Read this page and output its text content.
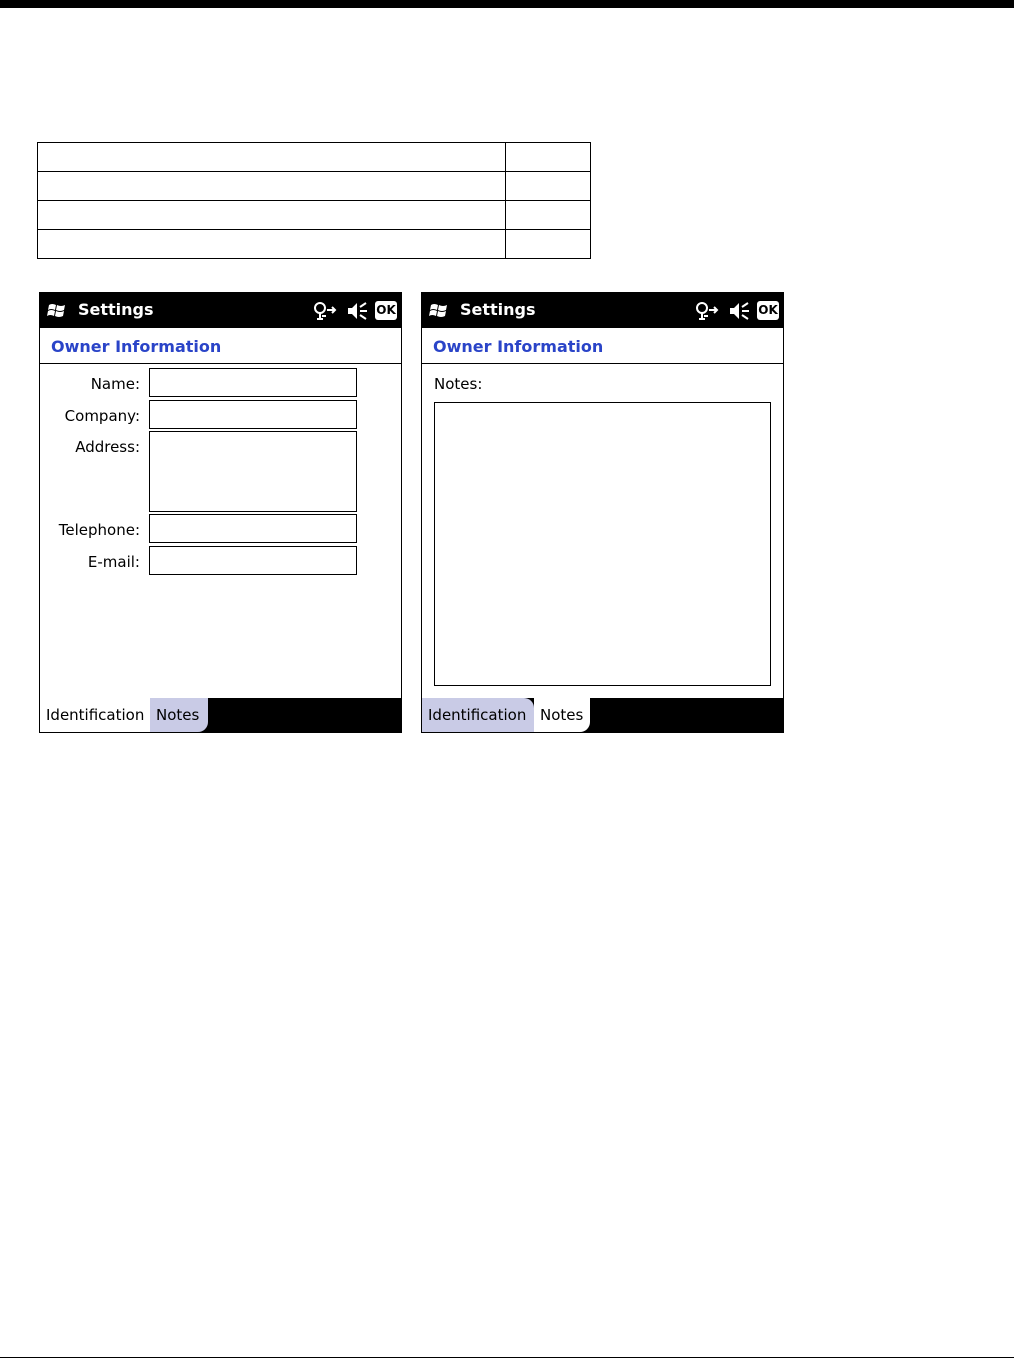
Settings	OK
Owner Information
Name:
Company:
Address:
Telephone:
E-mail:
Identification Notes
Settings	OK
Owner Information
Notes:
Identification Notes
